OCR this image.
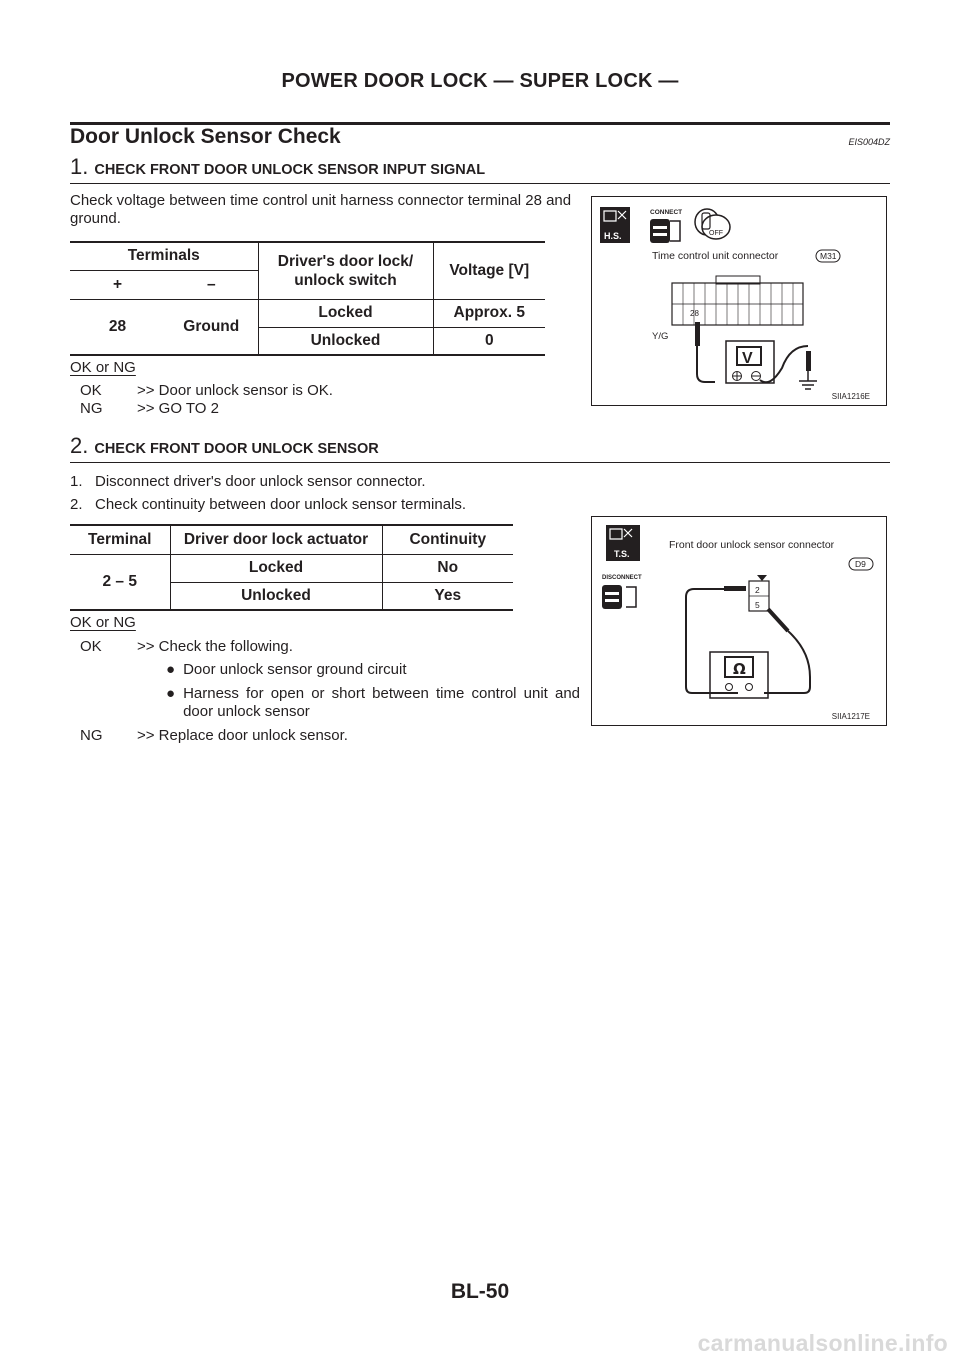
POWER DOOR LOCK — SUPER LOCK —
Door Unlock Sensor Check	EIS004DZ
1. CHECK FRONT DOOR UNLOCK SENSOR INPUT SIGNAL
Check voltage between time control unit harness connector terminal 28 and ground.
Terminals		Driver's door lock/ unlock switch	Voltage [V]
+	–		
28	Ground	Locked	Approx. 5
		Unlocked	0
OK or NG
OK >> Door unlock sensor is OK.
NG >> GO TO 2
H.S.
CONNECT
OFF
Time control unit connector	M31
28
Y/G
V
SIIA1216E
2. CHECK FRONT DOOR UNLOCK SENSOR
1.   Disconnect driver's door unlock sensor connector.
2.   Check continuity between door unlock sensor terminals.
Terminal	Driver door lock actuator	Continuity
2 – 5	Locked	No
	Unlocked	Yes
OK or NG
OK >> Check the following.
● Door unlock sensor ground circuit
● Harness for open or short between time control unit and door unlock sensor
NG >> Replace door unlock sensor.
T.S.
DISCONNECT
Front door unlock sensor connector
D9
2
5
Ω
SIIA1217E
BL-50
carmanualsonline.info
